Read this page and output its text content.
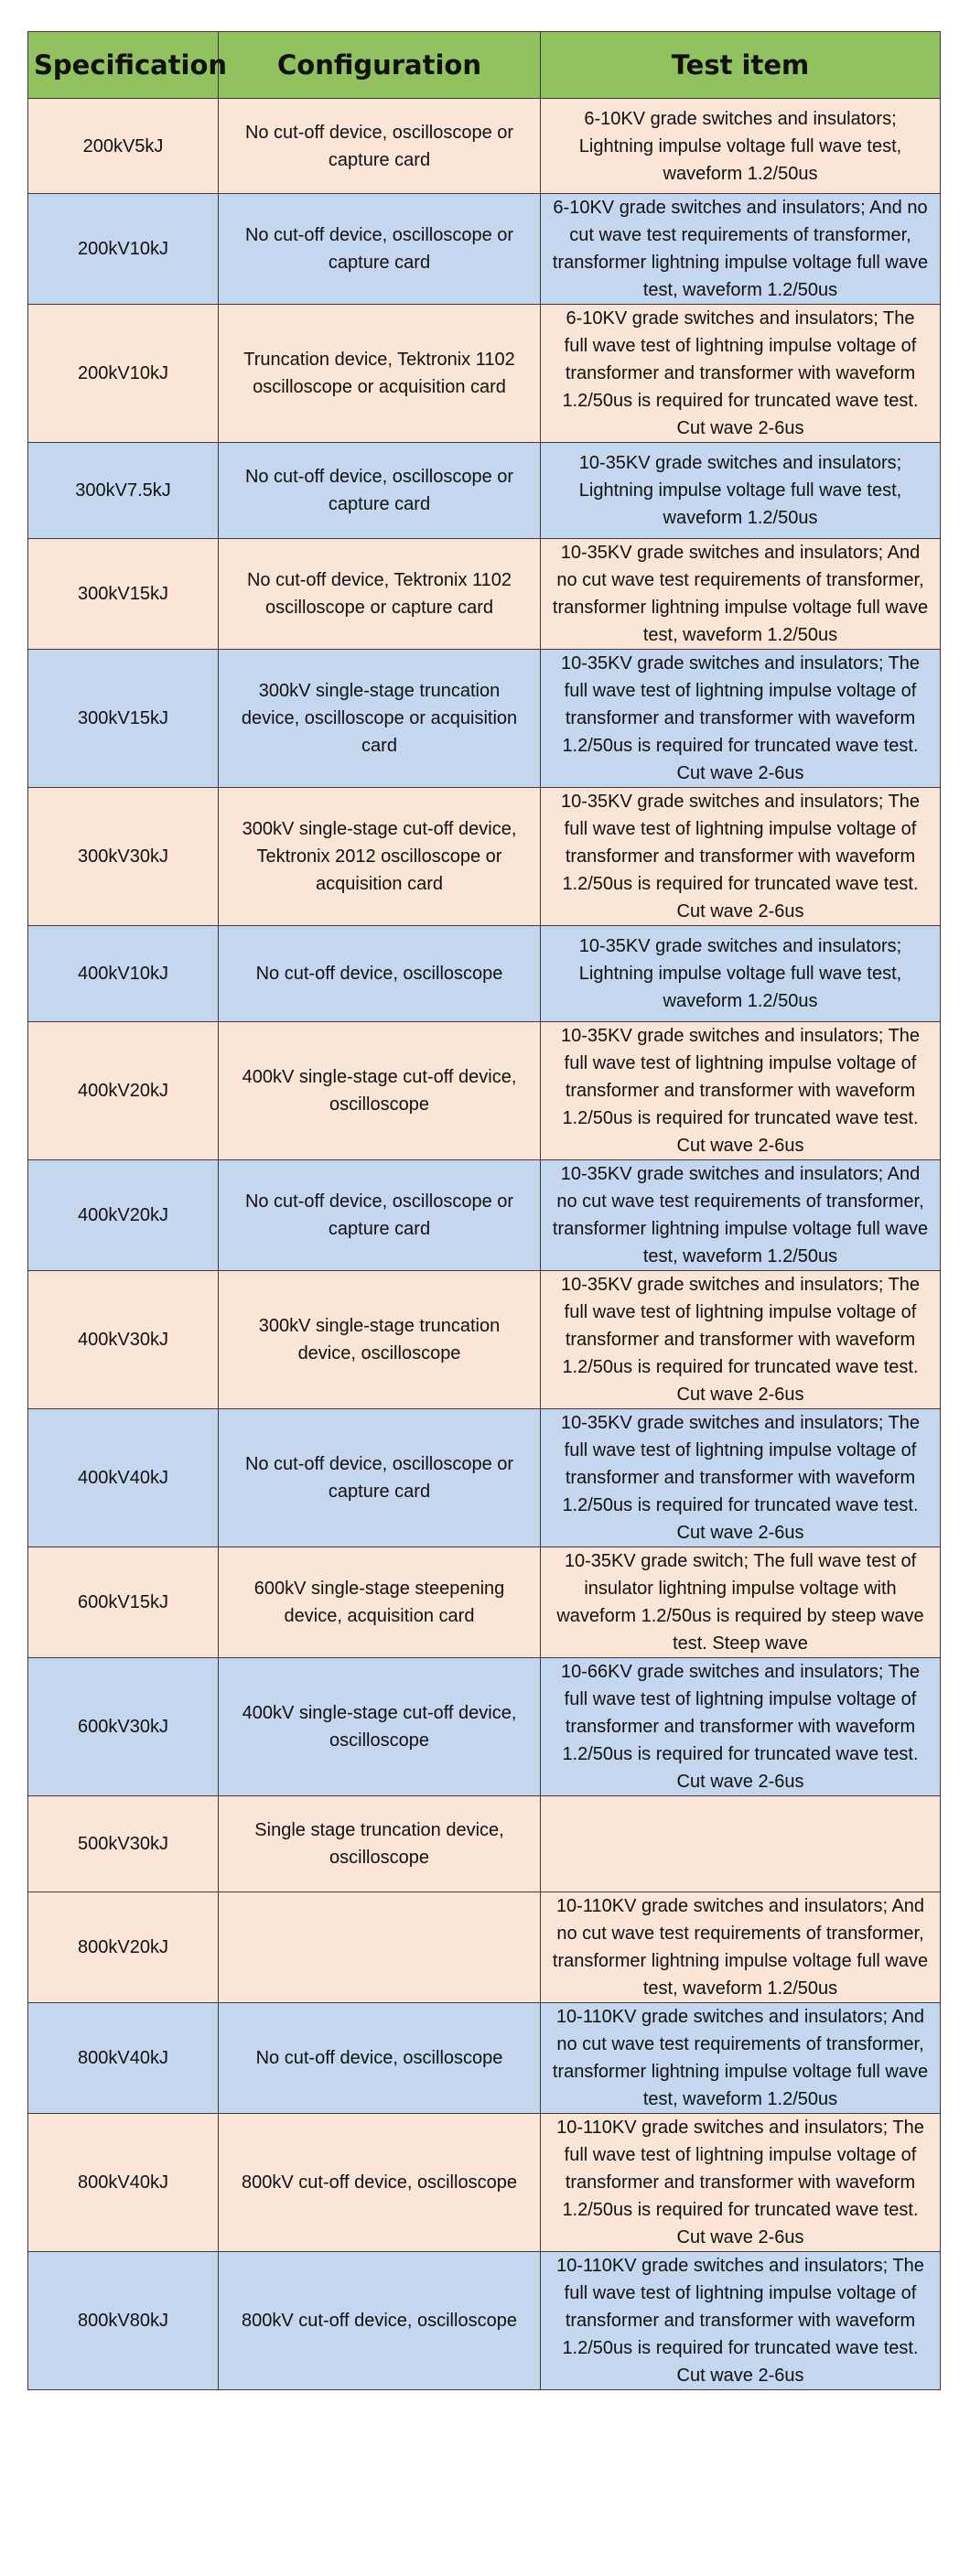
Specification	Configuration	Test item
200kV5kJ	No cut-off device, oscilloscope or capture card	6-10KV grade switches and insulators; Lightning impulse voltage full wave test, waveform 1.2/50us
200kV10kJ	No cut-off device, oscilloscope or capture card	6-10KV grade switches and insulators; And no cut wave test requirements of transformer, transformer lightning impulse voltage full wave test, waveform 1.2/50us
200kV10kJ	Truncation device, Tektronix 1102 oscilloscope or acquisition card	6-10KV grade switches and insulators; The full wave test of lightning impulse voltage of transformer and transformer with waveform 1.2/50us is required for truncated wave test. Cut wave 2-6us
300kV7.5kJ	No cut-off device, oscilloscope or capture card	10-35KV grade switches and insulators; Lightning impulse voltage full wave test, waveform 1.2/50us
300kV15kJ	No cut-off device, Tektronix 1102 oscilloscope or capture card	10-35KV grade switches and insulators; And no cut wave test requirements of transformer, transformer lightning impulse voltage full wave test, waveform 1.2/50us
300kV15kJ	300kV single-stage truncation device, oscilloscope or acquisition card	10-35KV grade switches and insulators; The full wave test of lightning impulse voltage of transformer and transformer with waveform 1.2/50us is required for truncated wave test. Cut wave 2-6us
300kV30kJ	300kV single-stage cut-off device, Tektronix 2012 oscilloscope or acquisition card	10-35KV grade switches and insulators; The full wave test of lightning impulse voltage of transformer and transformer with waveform 1.2/50us is required for truncated wave test. Cut wave 2-6us
400kV10kJ	No cut-off device, oscilloscope	10-35KV grade switches and insulators; Lightning impulse voltage full wave test, waveform 1.2/50us
400kV20kJ	400kV single-stage cut-off device, oscilloscope	10-35KV grade switches and insulators; The full wave test of lightning impulse voltage of transformer and transformer with waveform 1.2/50us is required for truncated wave test. Cut wave 2-6us
400kV20kJ	No cut-off device, oscilloscope or capture card	10-35KV grade switches and insulators; And no cut wave test requirements of transformer, transformer lightning impulse voltage full wave test, waveform 1.2/50us
400kV30kJ	300kV single-stage truncation device, oscilloscope	10-35KV grade switches and insulators; The full wave test of lightning impulse voltage of transformer and transformer with waveform 1.2/50us is required for truncated wave test. Cut wave 2-6us
400kV40kJ	No cut-off device, oscilloscope or capture card	10-35KV grade switches and insulators; The full wave test of lightning impulse voltage of transformer and transformer with waveform 1.2/50us is required for truncated wave test. Cut wave 2-6us
600kV15kJ	600kV single-stage steepening device, acquisition card	10-35KV grade switch; The full wave test of insulator lightning impulse voltage with waveform 1.2/50us is required by steep wave test. Steep wave
600kV30kJ	400kV single-stage cut-off device, oscilloscope	10-66KV grade switches and insulators; The full wave test of lightning impulse voltage of transformer and transformer with waveform 1.2/50us is required for truncated wave test. Cut wave 2-6us
500kV30kJ	Single stage truncation device, oscilloscope	
800kV20kJ		10-110KV grade switches and insulators; And no cut wave test requirements of transformer, transformer lightning impulse voltage full wave test, waveform 1.2/50us
800kV40kJ	No cut-off device, oscilloscope	10-110KV grade switches and insulators; And no cut wave test requirements of transformer, transformer lightning impulse voltage full wave test, waveform 1.2/50us
800kV40kJ	800kV cut-off device, oscilloscope	10-110KV grade switches and insulators; The full wave test of lightning impulse voltage of transformer and transformer with waveform 1.2/50us is required for truncated wave test. Cut wave 2-6us
800kV80kJ	800kV cut-off device, oscilloscope	10-110KV grade switches and insulators; The full wave test of lightning impulse voltage of transformer and transformer with waveform 1.2/50us is required for truncated wave test. Cut wave 2-6us
